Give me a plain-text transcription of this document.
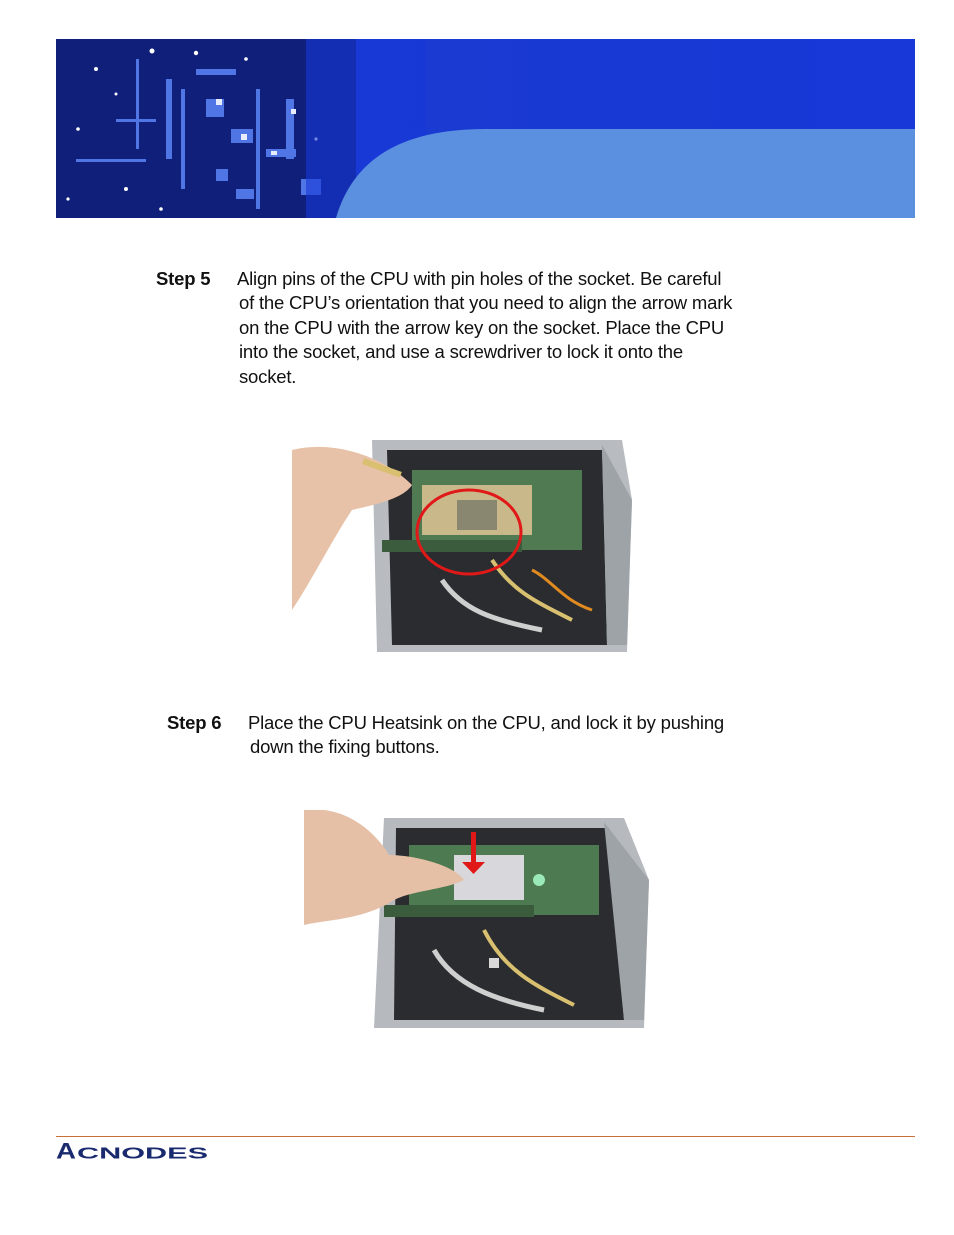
Step 5 Align pins of the CPU with pin holes of the socket. Be careful
of the CPU’s orientation that you need to align the arrow mark
on the CPU with the arrow key on the socket. Place the CPU
into the socket, and use a screwdriver to lock it onto the
socket.

Step 6 Place the CPU Heatsink on the CPU, and lock it by pushing
down the fixing buttons.

A CNODES
